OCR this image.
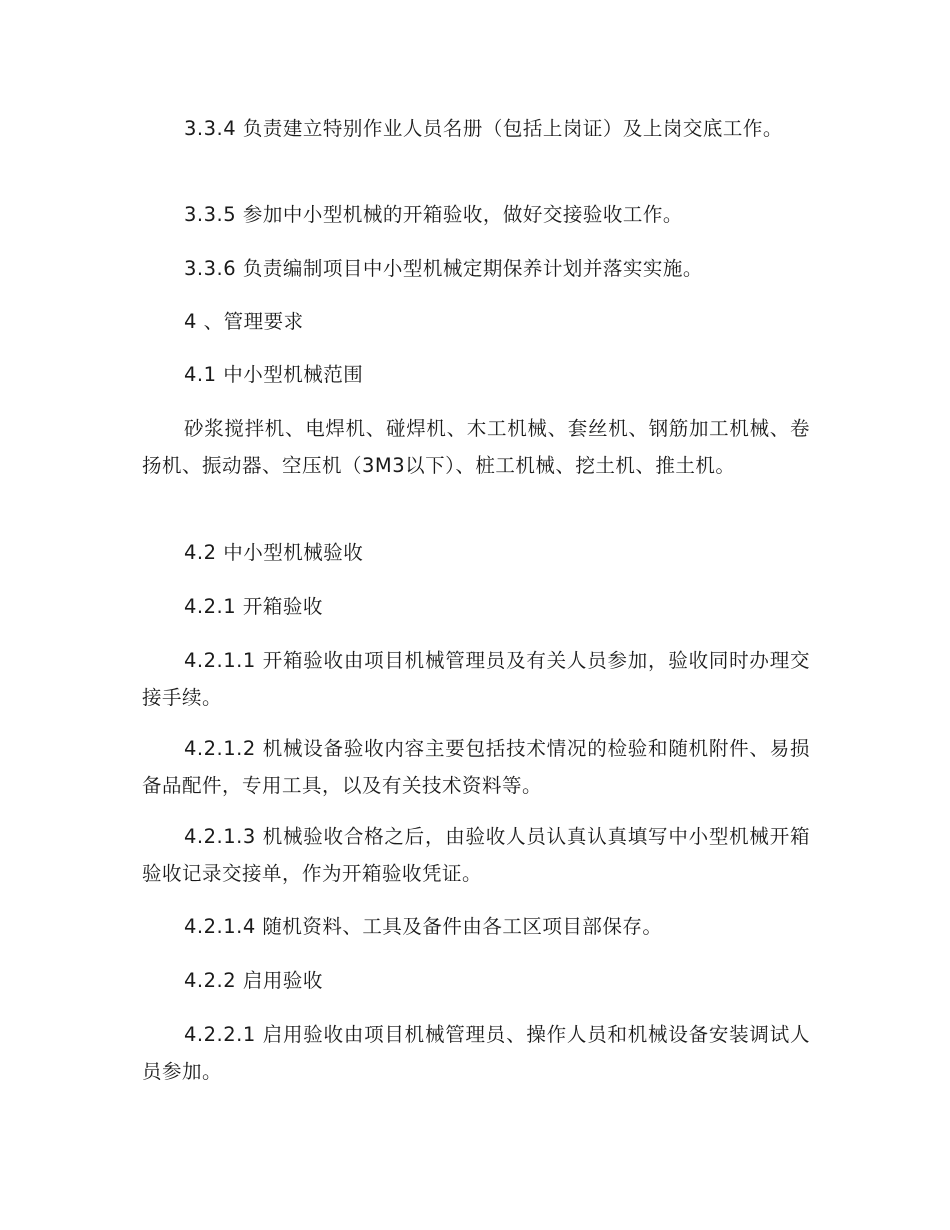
3.3.4 负责建立特别作业人员名册（包括上岗证）及上岗交底工作。

3.3.5 参加中小型机械的开箱验收，做好交接验收工作。

3.3.6 负责编制项目中小型机械定期保养计划并落实实施。

4 、管理要求

4.1 中小型机械范围

砂浆搅拌机、电焊机、碰焊机、木工机械、套丝机、钢筋加工机械、卷扬机、振动器、空压机（3M3以下）、桩工机械、挖土机、推土机。

4.2 中小型机械验收

4.2.1 开箱验收

4.2.1.1 开箱验收由项目机械管理员及有关人员参加，验收同时办理交接手续。

4.2.1.2 机械设备验收内容主要包括技术情况的检验和随机附件、易损备品配件，专用工具，以及有关技术资料等。

4.2.1.3 机械验收合格之后，由验收人员认真认真填写中小型机械开箱验收记录交接单，作为开箱验收凭证。

4.2.1.4 随机资料、工具及备件由各工区项目部保存。

4.2.2 启用验收

4.2.2.1 启用验收由项目机械管理员、操作人员和机械设备安装调试人员参加。
